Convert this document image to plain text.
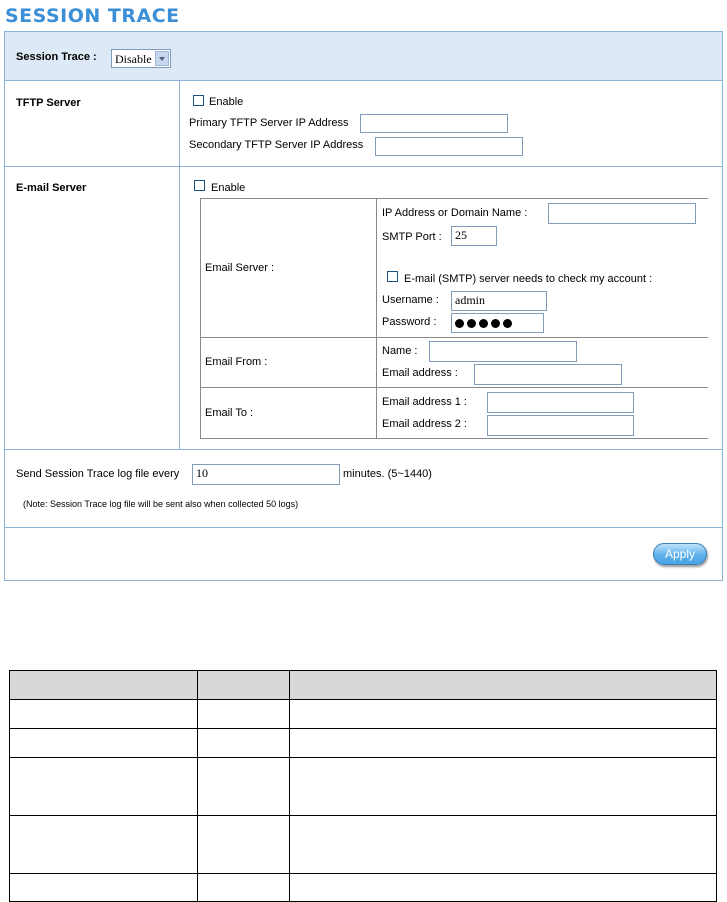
SESSION TRACE
Session Trace : Disable
TFTP Server	Enable
Primary TFTP Server IP Address
Secondary TFTP Server IP Address
E-mail Server	Enable
Email Server :
IP Address or Domain Name :
SMTP Port :	25
E-mail (SMTP) server needs to check my account :
Username :	admin
Password :
Email From :
Name :
Email address :
Email To :
Email address 1 :
Email address 2 :
Send Session Trace log file every	10	minutes. (5~1440)
(Note: Session Trace log file will be sent also when collected 50 logs)
Apply
